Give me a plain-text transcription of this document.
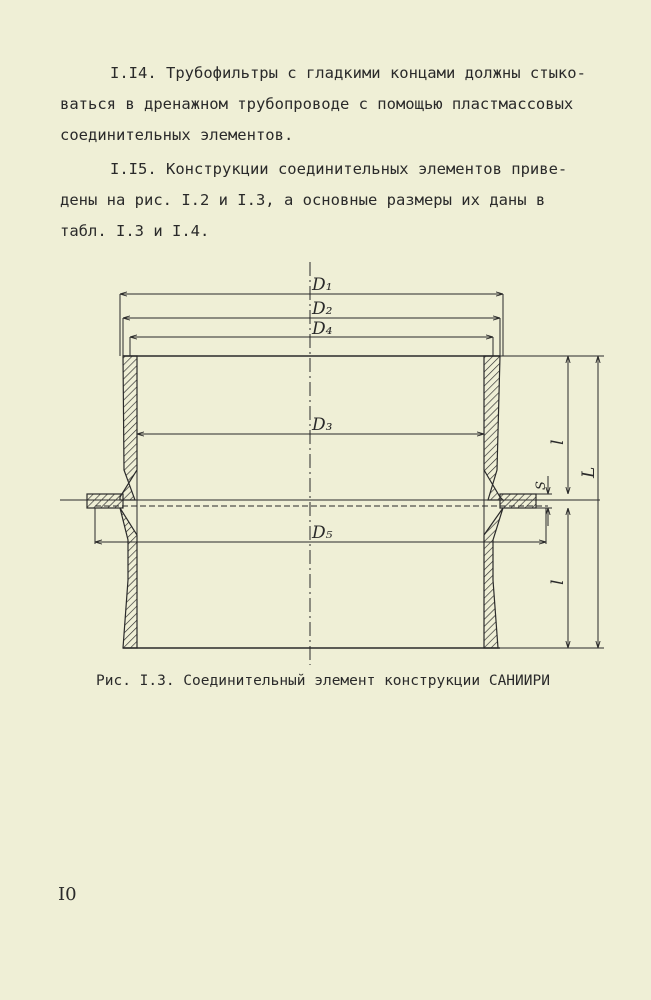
I.I4. Трубофильтры с гладкими концами должны стыко-
ваться в дренажном трубопроводе с помощью пластмассовых
соединительных элементов.
I.I5. Конструкции соединительных элементов приве-
дены на рис. I.2 и I.3, а основные размеры их даны в
табл. I.3 и I.4.
D₁
D₂
D₄
D₃
D₅
l
l
L
S

Рис. I.3. Соединительный элемент конструкции САНИИРИ

I0
